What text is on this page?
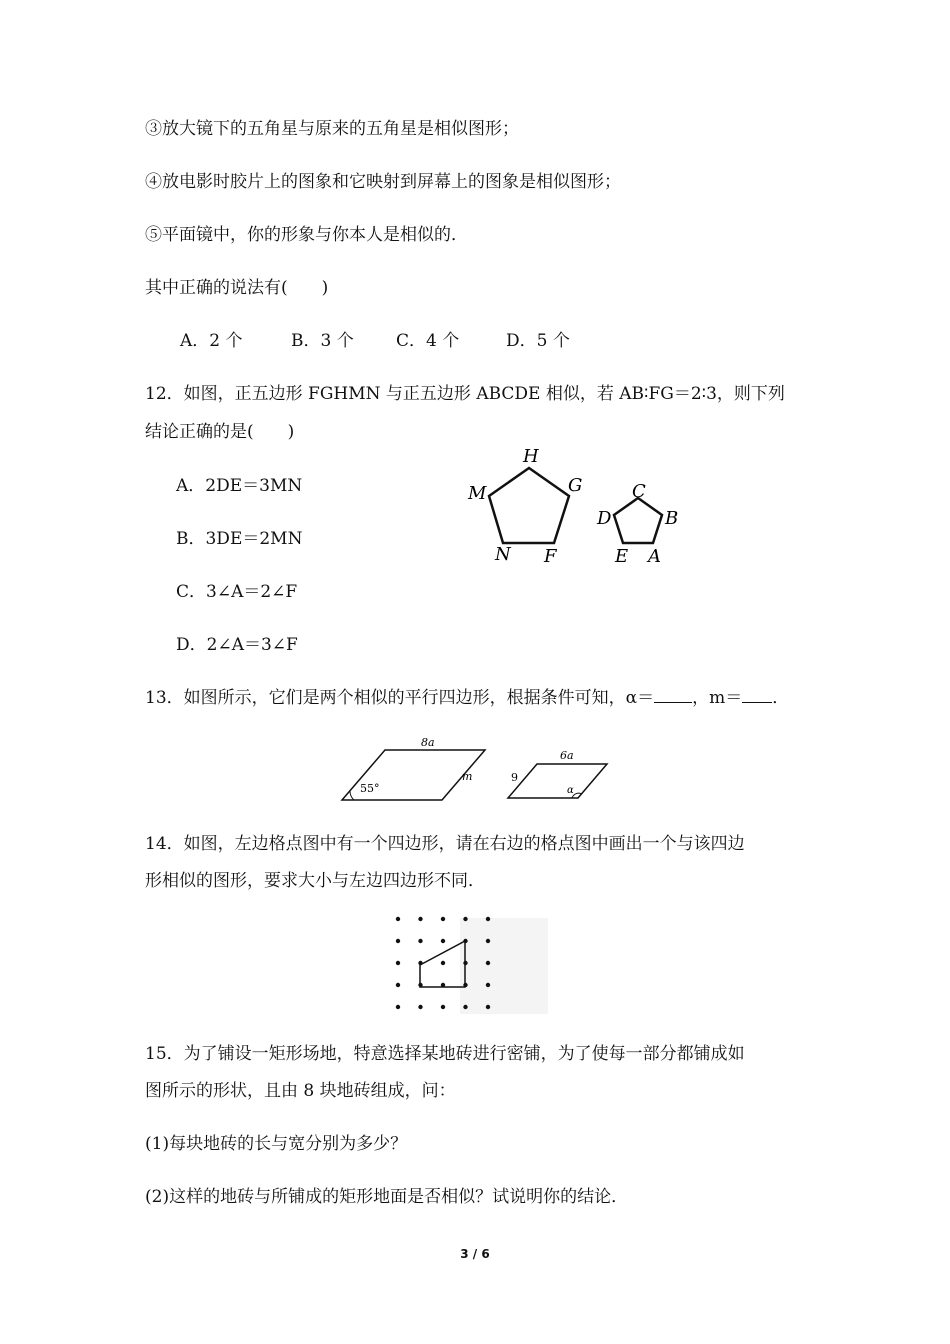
③放大镜下的五角星与原来的五角星是相似图形；
④放电影时胶片上的图象和它映射到屏幕上的图象是相似图形；
⑤平面镜中，你的形象与你本人是相似的．
其中正确的说法有(　　)
A．2 个	B．3 个 C．4 个	D．5 个
12．如图，正五边形 FGHMN 与正五边形 ABCDE 相似，若 AB∶FG＝2∶3，则下列
结论正确的是(　　)
A．2DE＝3MN
B．3DE＝2MN
C．3∠A＝2∠F
D．2∠A＝3∠F
H
G
M
N F
C
D	B
E A
13．如图所示，它们是两个相似的平行四边形，根据条件可知，α＝ ，m＝ ．
8a
m
55°
6a
9
α
14．如图，左边格点图中有一个四边形，请在右边的格点图中画出一个与该四边
形相似的图形，要求大小与左边四边形不同．
15．为了铺设一矩形场地，特意选择某地砖进行密铺，为了使每一部分都铺成如
图所示的形状，且由 8 块地砖组成，问：
(1)每块地砖的长与宽分别为多少？
(2)这样的地砖与所铺成的矩形地面是否相似？试说明你的结论．
3 / 6
